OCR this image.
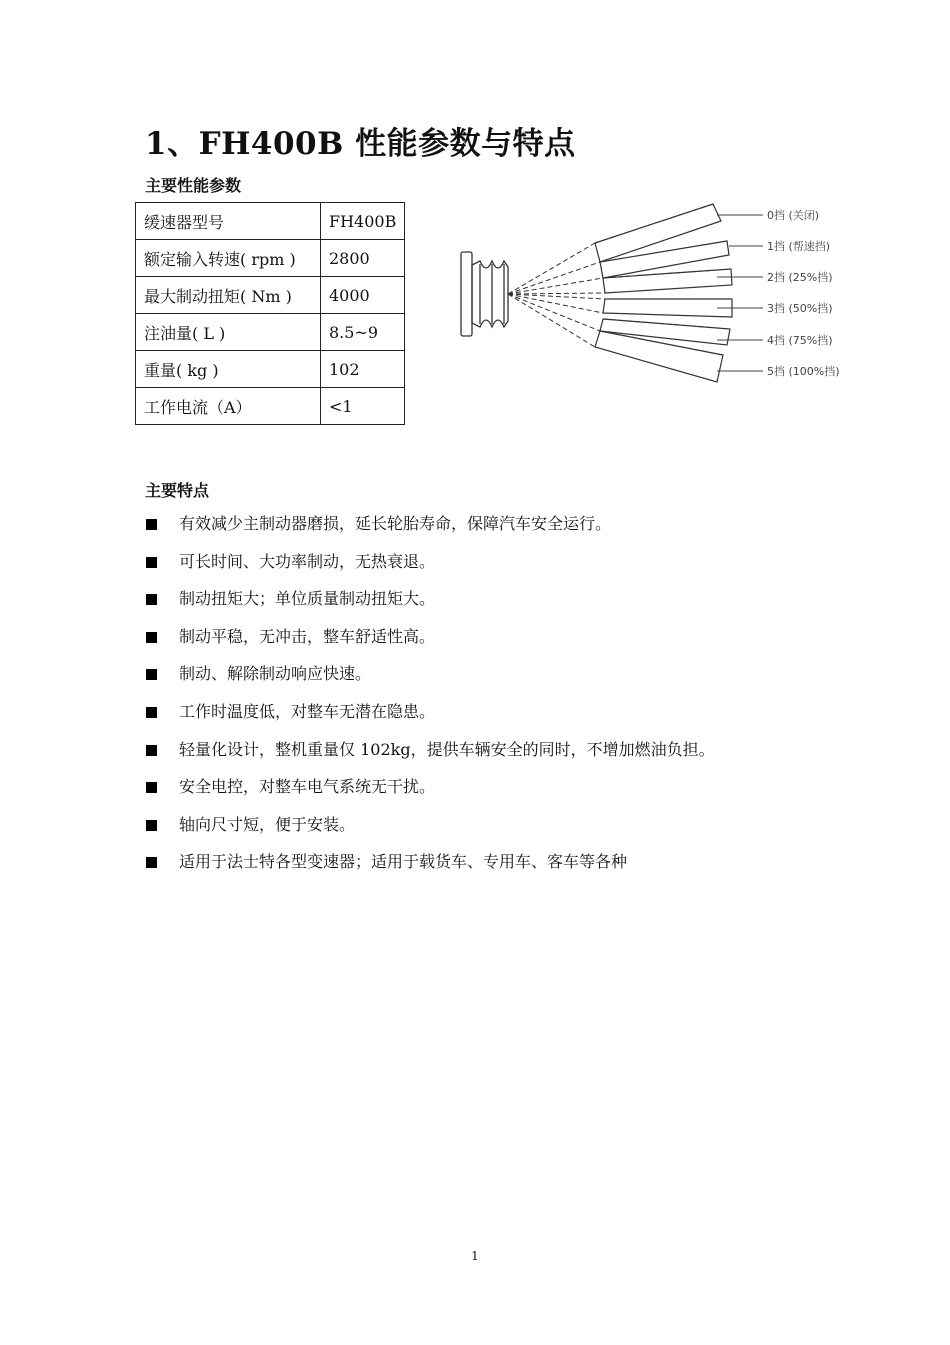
1、FH400B 性能参数与特点
主要性能参数
缓速器型号	FH400B
额定输入转速( rpm )	2800
最大制动扭矩( Nm )	4000
注油量( L )	8.5~9
重量( kg )	102
工作电流（A）	<1
0挡 (关闭)
1挡 (帮速挡)
2挡 (25%挡)
3挡 (50%挡)
4挡 (75%挡)
5挡 (100%挡)
主要特点
有效减少主制动器磨损，延长轮胎寿命，保障汽车安全运行。
可长时间、大功率制动，无热衰退。
制动扭矩大；单位质量制动扭矩大。
制动平稳，无冲击，整车舒适性高。
制动、解除制动响应快速。
工作时温度低，对整车无潜在隐患。
轻量化设计，整机重量仅 102kg，提供车辆安全的同时，不增加燃油负担。
安全电控，对整车电气系统无干扰。
轴向尺寸短，便于安装。
适用于法士特各型变速器；适用于载货车、专用车、客车等各种
1
